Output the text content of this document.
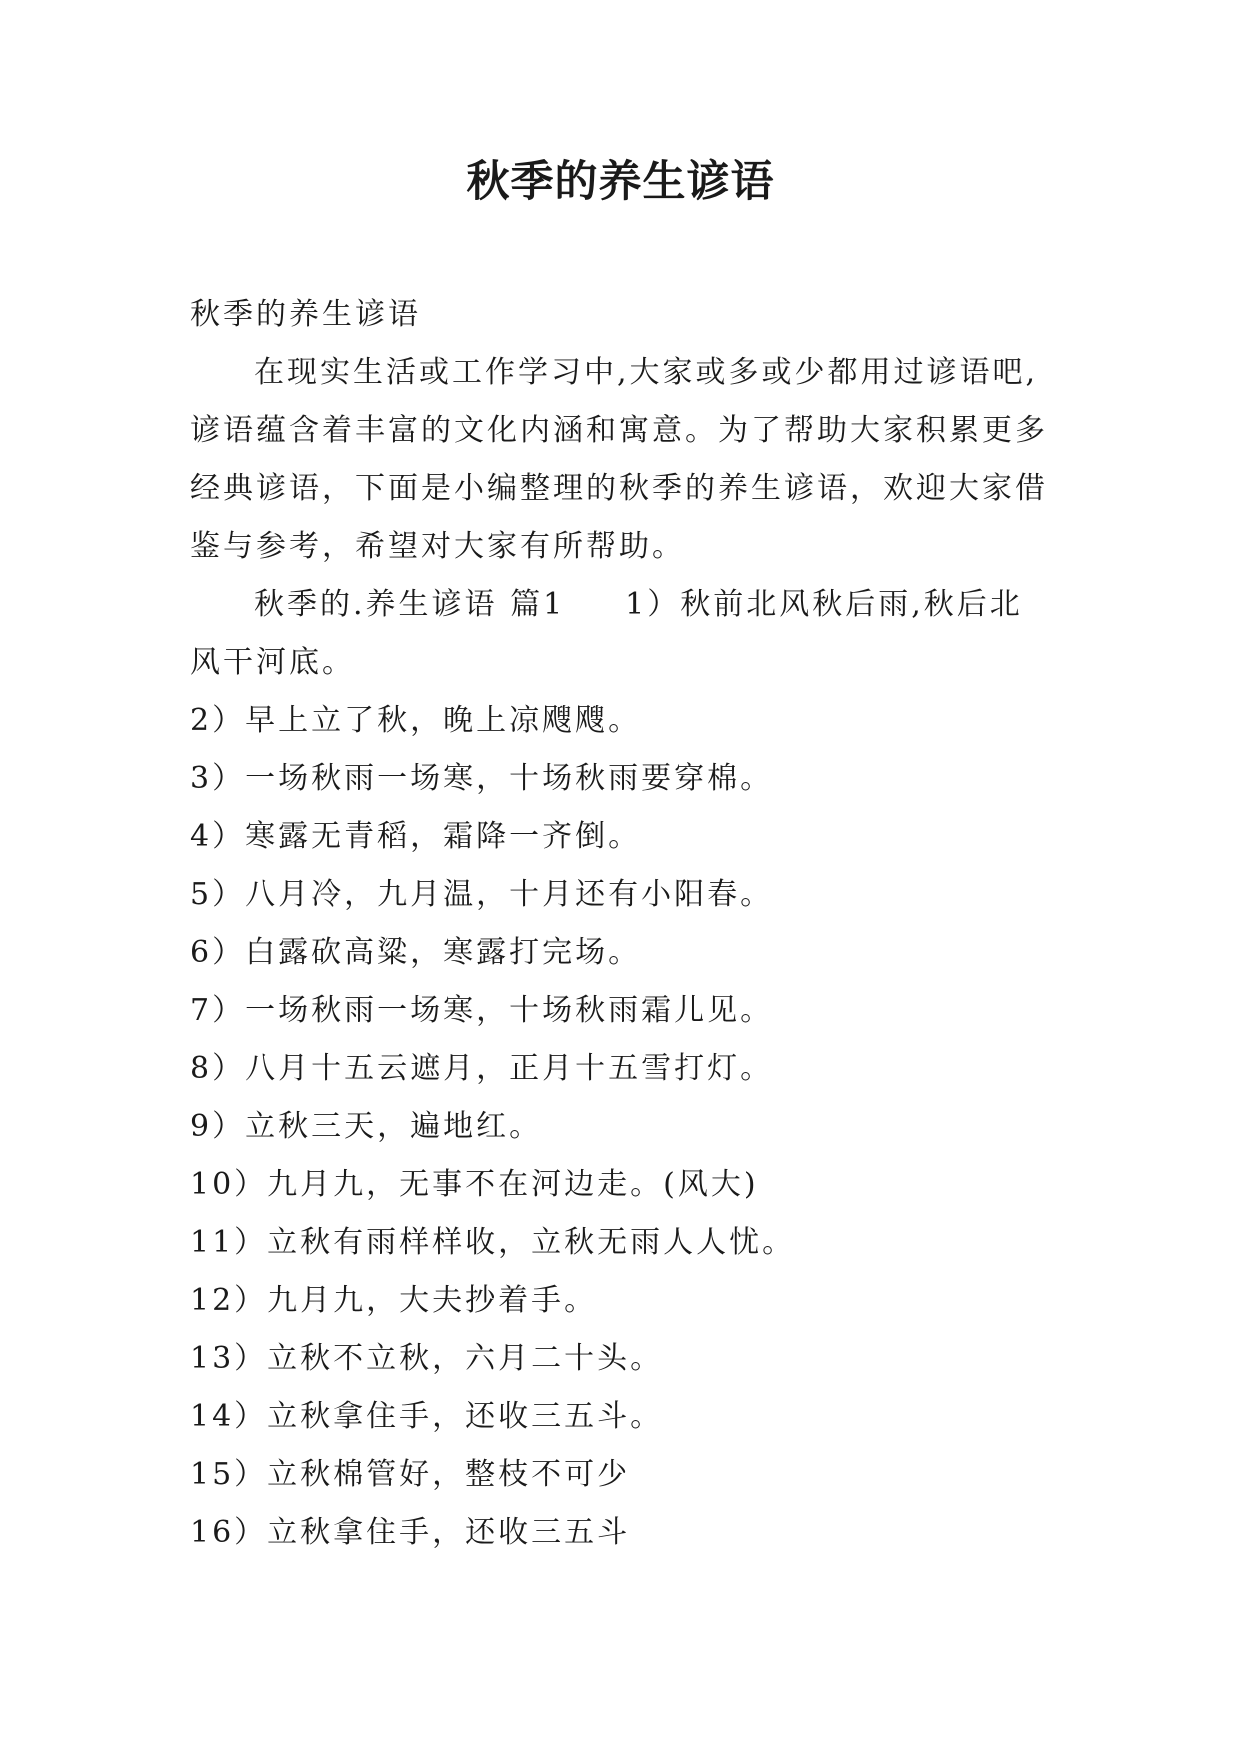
秋季的养生谚语

秋季的养生谚语

在现实生活或工作学习中,大家或多或少都用过谚语吧,谚语蕴含着丰富的文化内涵和寓意。为了帮助大家积累更多经典谚语，下面是小编整理的秋季的养生谚语，欢迎大家借鉴与参考，希望对大家有所帮助。

秋季的.养生谚语 篇1 1）秋前北风秋后雨,秋后北风干河底。

2）早上立了秋，晚上凉飕飕。

3）一场秋雨一场寒，十场秋雨要穿棉。

4）寒露无青稻，霜降一齐倒。

5）八月冷，九月温，十月还有小阳春。

6）白露砍高粱，寒露打完场。

7）一场秋雨一场寒，十场秋雨霜儿见。

8）八月十五云遮月，正月十五雪打灯。

9）立秋三天，遍地红。

10）九月九，无事不在河边走。(风大)

11）立秋有雨样样收，立秋无雨人人忧。

12）九月九，大夫抄着手。

13）立秋不立秋，六月二十头。

14）立秋拿住手，还收三五斗。

15）立秋棉管好，整枝不可少

16）立秋拿住手，还收三五斗
